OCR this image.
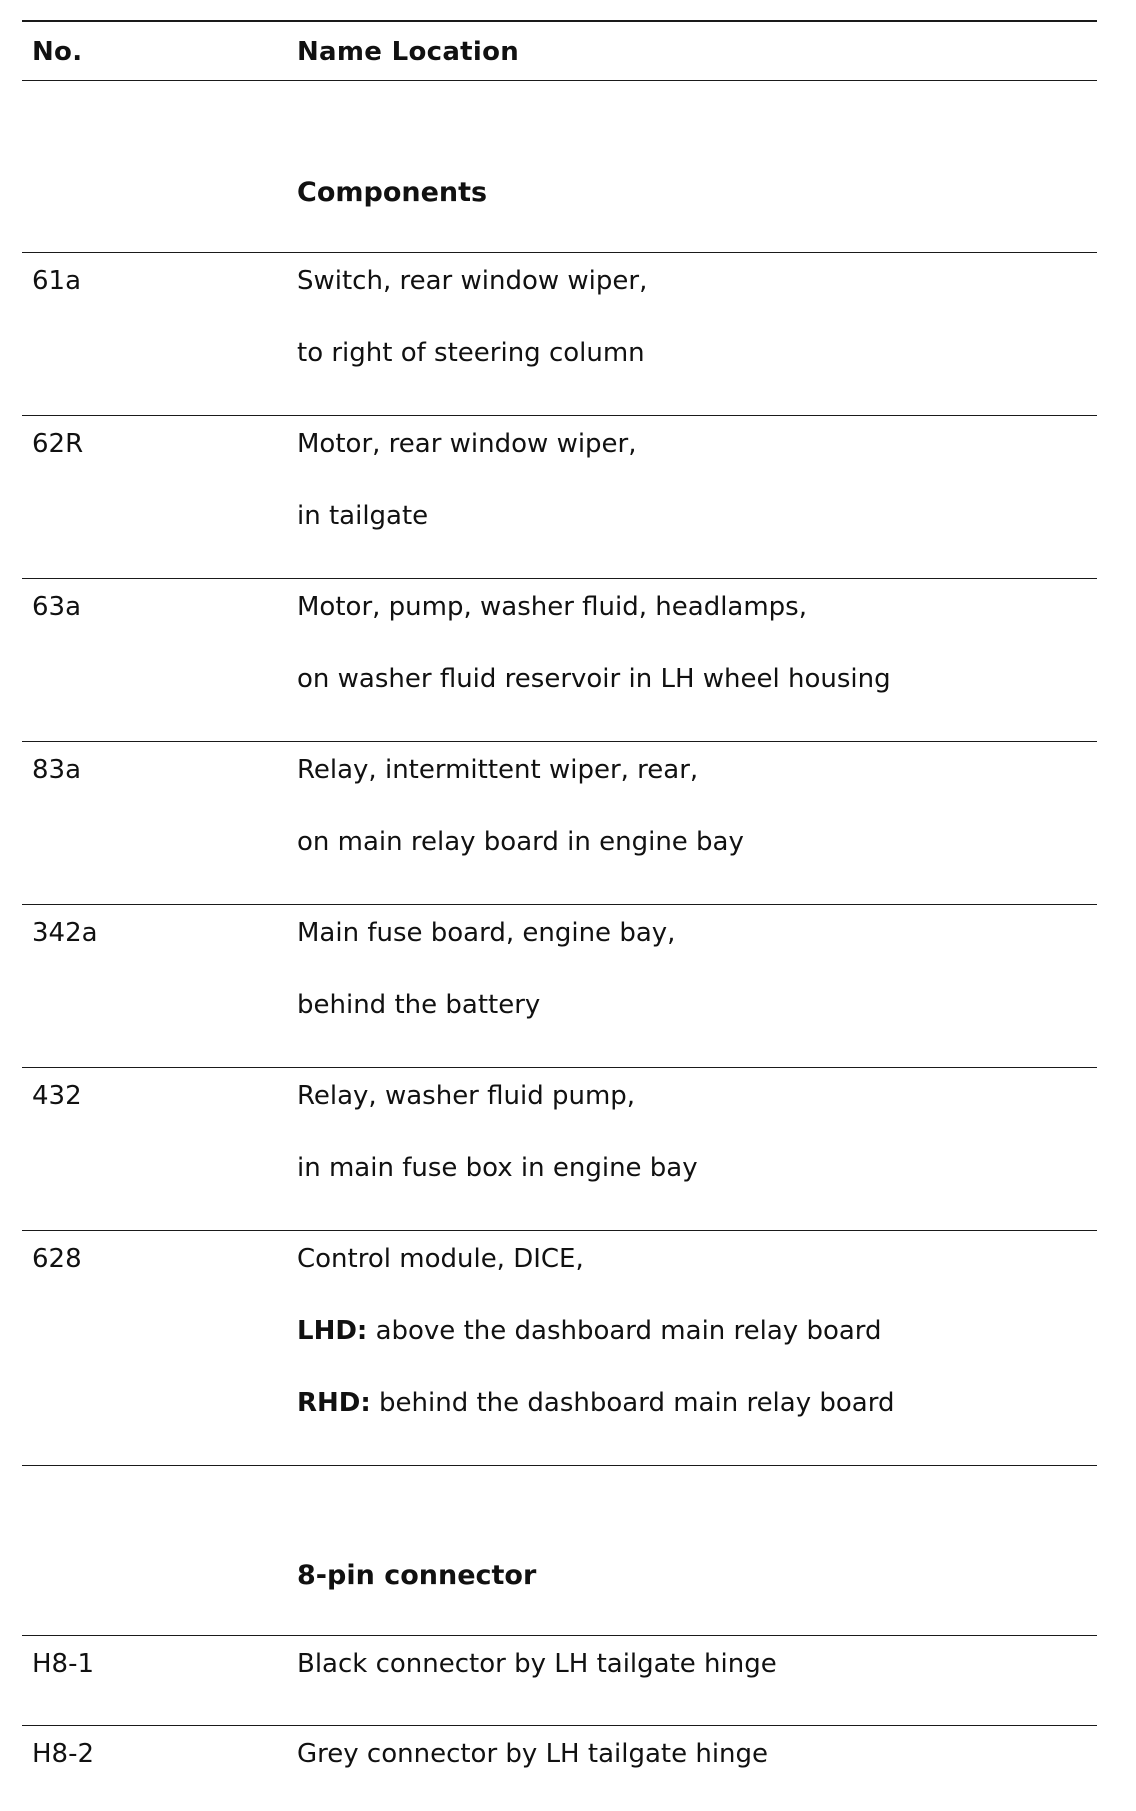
No.	Name Location
Components
61a	Switch, rear window wiper,
to right of steering column
62R	Motor, rear window wiper,
in tailgate
63a	Motor, pump, washer fluid, headlamps,
on washer fluid reservoir in LH wheel housing
83a	Relay, intermittent wiper, rear,
on main relay board in engine bay
342a	Main fuse board, engine bay,
behind the battery
432	Relay, washer fluid pump,
in main fuse box in engine bay
628	Control module, DICE,
LHD: above the dashboard main relay board
RHD: behind the dashboard main relay board
8-pin connector
H8-1	Black connector by LH tailgate hinge
H8-2	Grey connector by LH tailgate hinge
